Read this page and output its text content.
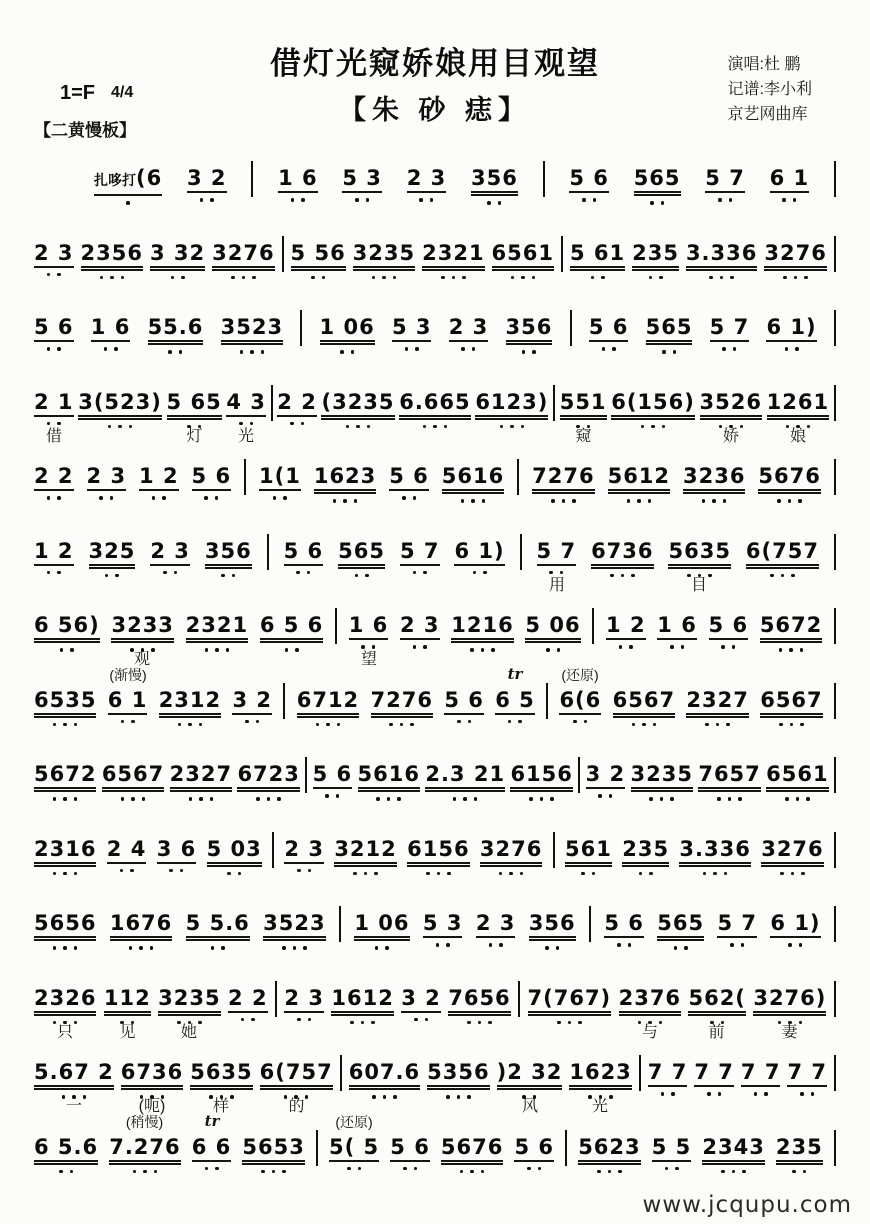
借灯光窥娇娘用目观望	演唱:杜 鹏
记谱:李小利
京艺网曲库
1=F 4/4
【朱 砂 痣】
【二黄慢板】
扎哆打(6 3 2 1 6 5 3 2 3 356 5 6 565 5 7 6 1
2 3 2356 3 32 3276 5 56 3235 2321 6561 5 61 235 3.336 3276
5 6 1 6 55.6 3523 1 06 5 3 2 3 356 5 6 565 5 7 6 1)
2 1 3(523) 5 65 4 3 2 2 (3235 6.665 6123) 551 6(156) 3526 1261
借	灯 光	窥	娇	娘
2 2 2 3 1 2 5 6 1(1 1623 5 6 5616 7276 5612 3236 5676
1 2 325 2 3 356 5 6 565 5 7 6 1) 5 7 6736 5635 6(757
用	目
6 56) 3233 2321 6 5 6 1 6 2 3 1216 5 06 1 2 1 6 5 6 5672
观	望
6535 6 1 2312 3 2 6712 7276 5 6 6 5 6(6 6567 2327 6567
(渐慢)	tr	(还原)
5672 6567 2327 6723 5 6 5616 2.3 21 6156 3 2 3235 7657 6561
2316 2 4 3 6 5 03 2 3 3212 6156 3276 561 235 3.336 3276
5656 1676 5 5.6 3523 1 06 5 3 2 3 356 5 6 565 5 7 6 1)
2326 112 3235 2 2 2 3 1612 3 2 7656 7(767) 2376 562( 3276)
只	见	她	与	前	妻
5.67 2 6736 5635 6(757 607.6 5356 )2 32 1623 7 7 7 7 7 7 7 7
一	(呃)	样	的	风	光
6 5.6 7.276 6 6 5653 5( 5 5 6 5676 5 6 5623 5 5 2343 235
(稍慢)	tr	(还原)
www.jcqupu.com
